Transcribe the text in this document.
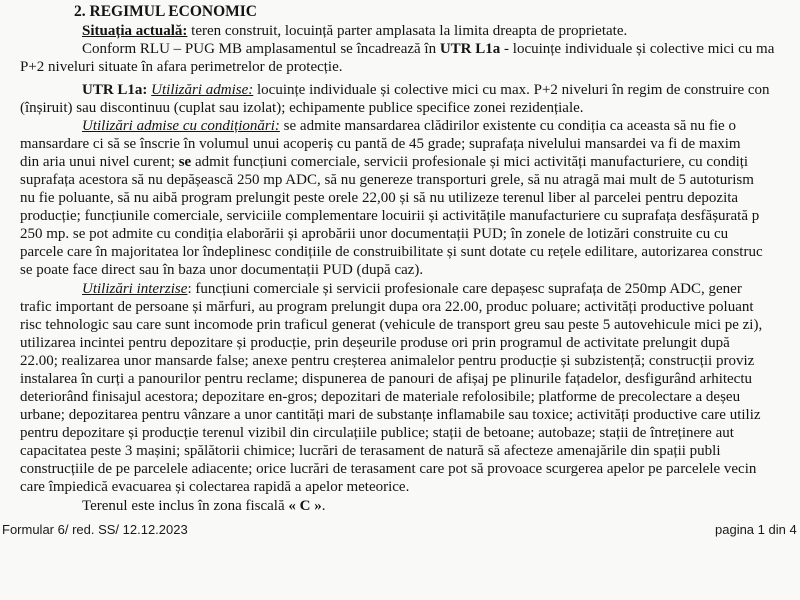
2. REGIMUL ECONOMIC
Situația actuală: teren construit, locuință parter amplasata la limita dreapta de proprietate.
Conform RLU – PUG MB amplasamentul se încadrează în UTR L1a - locuințe individuale și colective mici cu ma
P+2 niveluri situate în afara perimetrelor de protecție.
UTR L1a: Utilizări admise: locuințe individuale și colective mici cu max. P+2 niveluri în regim de construire con
(înșiruit) sau discontinuu (cuplat sau izolat); echipamente publice specifice zonei rezidențiale.
Utilizări admise cu condiționări: se admite mansardarea clădirilor existente cu condiția ca aceasta să nu fie o
mansardare ci să se înscrie în volumul unui acoperiș cu pantă de 45 grade; suprafața nivelului mansardei va fi de maxim
din aria unui nivel curent; se admit funcțiuni comerciale, servicii profesionale și mici activități manufacturiere, cu condiți
suprafața acestora să nu depășească 250 mp ADC, să nu genereze transporturi grele, să nu atragă mai mult de 5 autoturism
nu fie poluante, să nu aibă program prelungit peste orele 22,00 și să nu utilizeze terenul liber al parcelei pentru depozita
producție; funcțiunile comerciale, serviciile complementare locuirii și activitățile manufacturiere cu suprafața desfășurată p
250 mp. se pot admite cu condiția elaborării și aprobării unor documentații PUD; în zonele de lotizări construite cu cu
parcele care în majoritatea lor îndeplinesc condițiile de construibilitate și sunt dotate cu rețele edilitare, autorizarea construc
se poate face direct sau în baza unor documentații PUD (după caz).
Utilizări interzise: funcțiuni comerciale și servicii profesionale care depașesc suprafața de 250mp ADC, gener
trafic important de persoane și mărfuri, au program prelungit dupa ora 22.00, produc poluare; activități productive poluant
risc tehnologic sau care sunt incomode prin traficul generat (vehicule de transport greu sau peste 5 autovehicule mici pe zi),
utilizarea incintei pentru depozitare și producție, prin deșeurile produse ori prin programul de activitate prelungit după
22.00; realizarea unor mansarde false; anexe pentru creșterea animalelor pentru producție și subzistență; construcții proviz
instalarea în curți a panourilor pentru reclame; dispunerea de panouri de afișaj pe plinurile fațadelor, desfigurând arhitectu
deteriorând finisajul acestora; depozitare en-gros; depozitari de materiale refolosibile; platforme de precolectare a deșeu
urbane; depozitarea pentru vânzare a unor cantități mari de substanțe inflamabile sau toxice; activități productive care utiliz
pentru depozitare și producție terenul vizibil din circulațiile publice; stații de betoane; autobaze; stații de întreținere aut
capacitatea peste 3 mașini; spălătorii chimice; lucrări de terasament de natură să afecteze amenajările din spații publi
construcțiile de pe parcelele adiacente; orice lucrări de terasament care pot să provoace scurgerea apelor pe parcelele vecin
care împiedică evacuarea și colectarea rapidă a apelor meteorice.
Terenul este inclus în zona fiscală « C ».
Formular 6/ red. SS/ 12.12.2023	pagina 1 din 4
